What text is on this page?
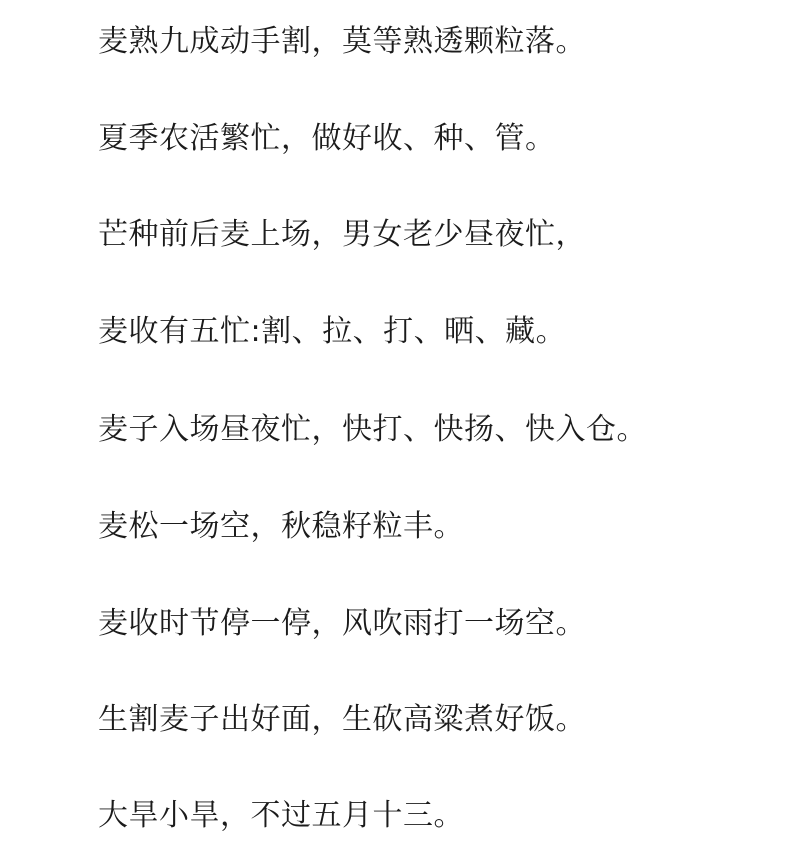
麦熟九成动手割，莫等熟透颗粒落。

夏季农活繁忙，做好收、种、管。

芒种前后麦上场，男女老少昼夜忙，

麦收有五忙:割、拉、打、晒、藏。

麦子入场昼夜忙，快打、快扬、快入仓。

麦松一场空，秋稳籽粒丰。

麦收时节停一停，风吹雨打一场空。

生割麦子出好面，生砍高粱煮好饭。

大旱小旱，不过五月十三。
